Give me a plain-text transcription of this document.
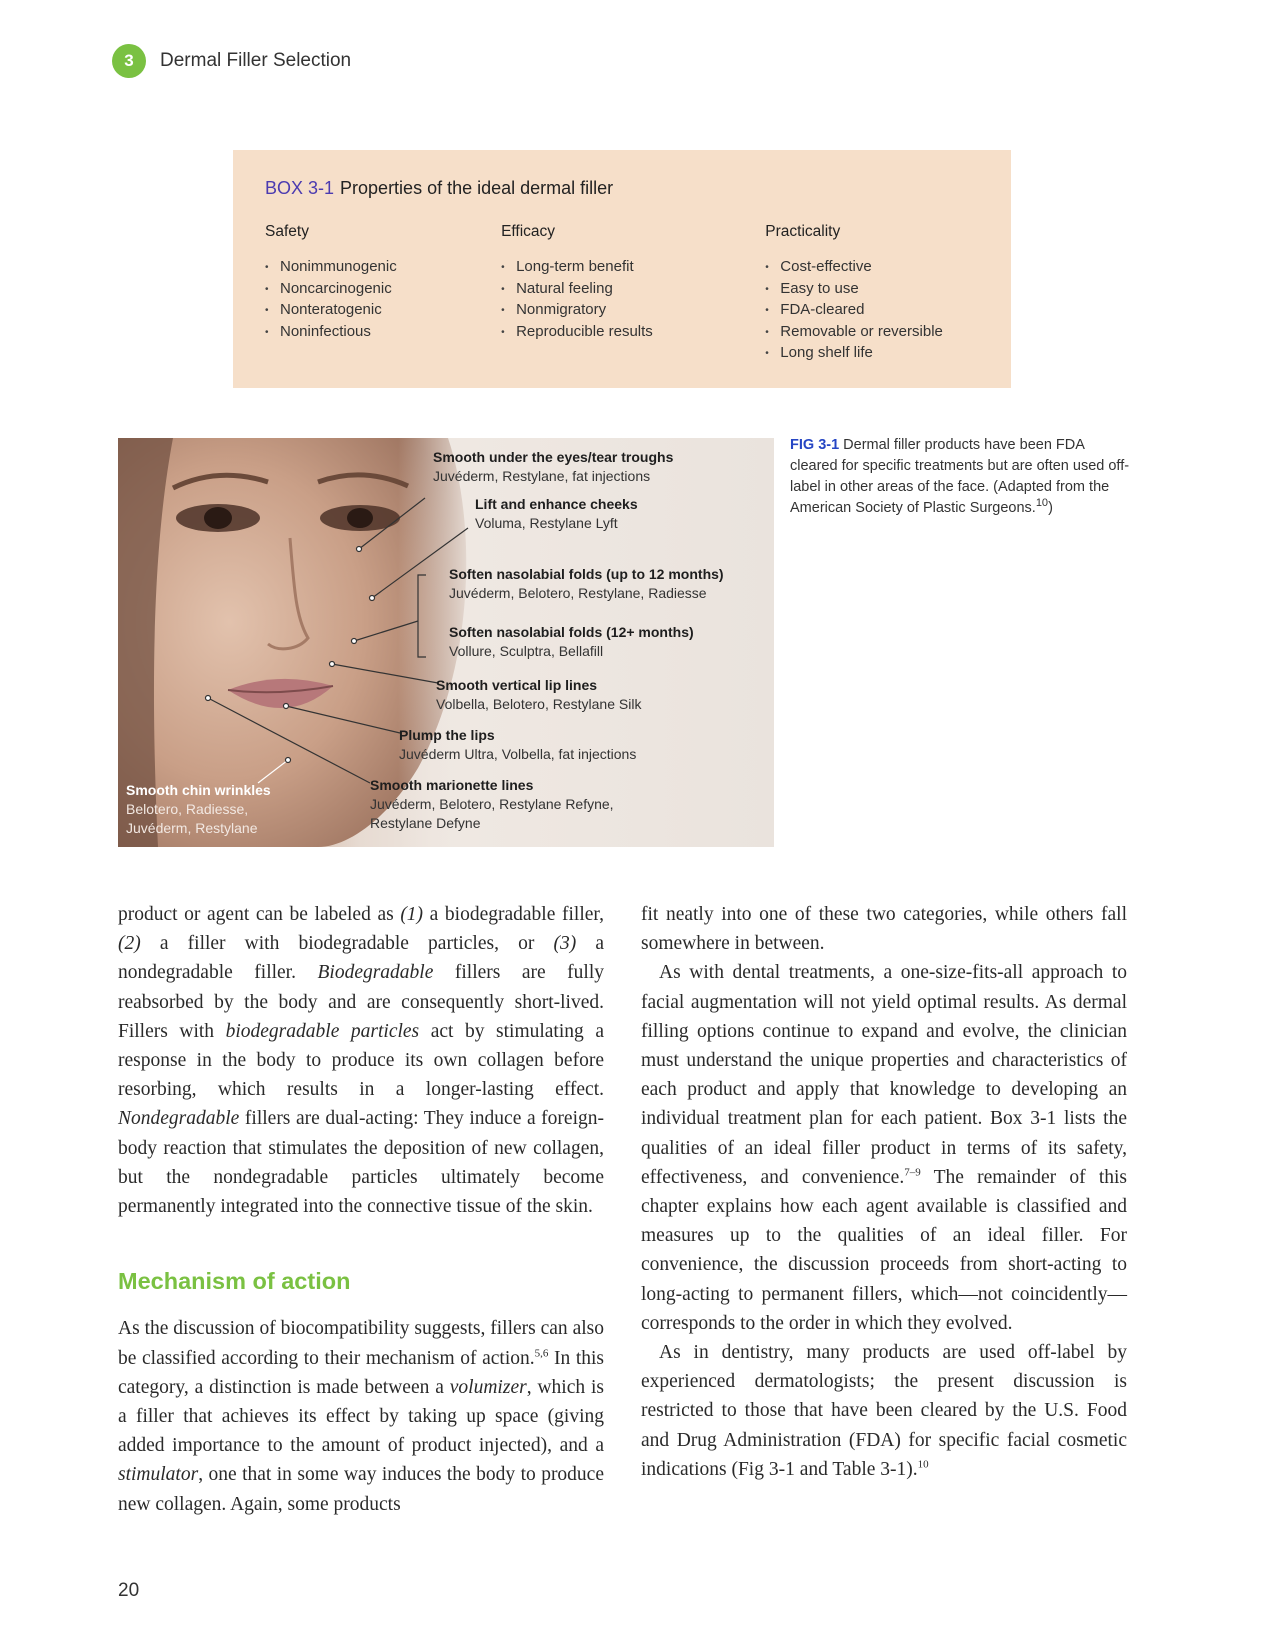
3	Dermal Filler Selection
BOX 3-1 Properties of the ideal dermal filler
Safety
• Nonimmunogenic
• Noncarcinogenic
• Nonteratogenic
• Noninfectious
Efficacy
• Long-term benefit
• Natural feeling
• Nonmigratory
• Reproducible results
Practicality
• Cost-effective
• Easy to use
• FDA-cleared
• Removable or reversible
• Long shelf life
Smooth under the eyes/tear troughs
Juvéderm, Restylane, fat injections
Lift and enhance cheeks
Voluma, Restylane Lyft
Soften nasolabial folds (up to 12 months)
Juvéderm, Belotero, Restylane, Radiesse
Soften nasolabial folds (12+ months)
Vollure, Sculptra, Bellafill
Smooth vertical lip lines
Volbella, Belotero, Restylane Silk
Plump the lips
Juvéderm Ultra, Volbella, fat injections
Smooth marionette lines
Juvéderm, Belotero, Restylane Refyne,
Restylane Defyne
Smooth chin wrinkles
Belotero, Radiesse,
Juvéderm, Restylane
FIG 3-1 Dermal filler products have been FDA cleared for specific treatments but are often used off-label in other areas of the face. (Adapted from the American Society of Plastic Surgeons.$^{10}$)

product or agent can be labeled as (1) a biodegradable filler, (2) a filler with biodegradable particles, or (3) a nondegradable filler. Biodegradable fillers are fully reabsorbed by the body and are consequently short-lived. Fillers with biodegradable particles act by stimulating a response in the body to produce its own collagen before resorbing, which results in a longer-lasting effect. Nondegradable fillers are dual-acting: They induce a foreign-body reaction that stimulates the deposition of new collagen, but the nondegradable particles ultimately become permanently integrated into the connective tissue of the skin.

Mechanism of action

As the discussion of biocompatibility suggests, fillers can also be classified according to their mechanism of action.$^{5,6}$ In this category, a distinction is made between a volumizer, which is a filler that achieves its effect by taking up space (giving added importance to the amount of product injected), and a stimulator, one that in some way induces the body to produce new collagen. Again, some products

fit neatly into one of these two categories, while others fall somewhere in between.

As with dental treatments, a one-size-fits-all approach to facial augmentation will not yield optimal results. As dermal filling options continue to expand and evolve, the clinician must understand the unique properties and characteristics of each product and apply that knowledge to developing an individual treatment plan for each patient. Box 3-1 lists the qualities of an ideal filler product in terms of its safety, effectiveness, and convenience.$^{7-9}$ The remainder of this chapter explains how each agent available is classified and measures up to the qualities of an ideal filler. For convenience, the discussion proceeds from short-acting to long-acting to permanent fillers, which—not coincidently—corresponds to the order in which they evolved.

As in dentistry, many products are used off-label by experienced dermatologists; the present discussion is restricted to those that have been cleared by the U.S. Food and Drug Administration (FDA) for specific facial cosmetic indications (Fig 3-1 and Table 3-1).$^{10}$

20
